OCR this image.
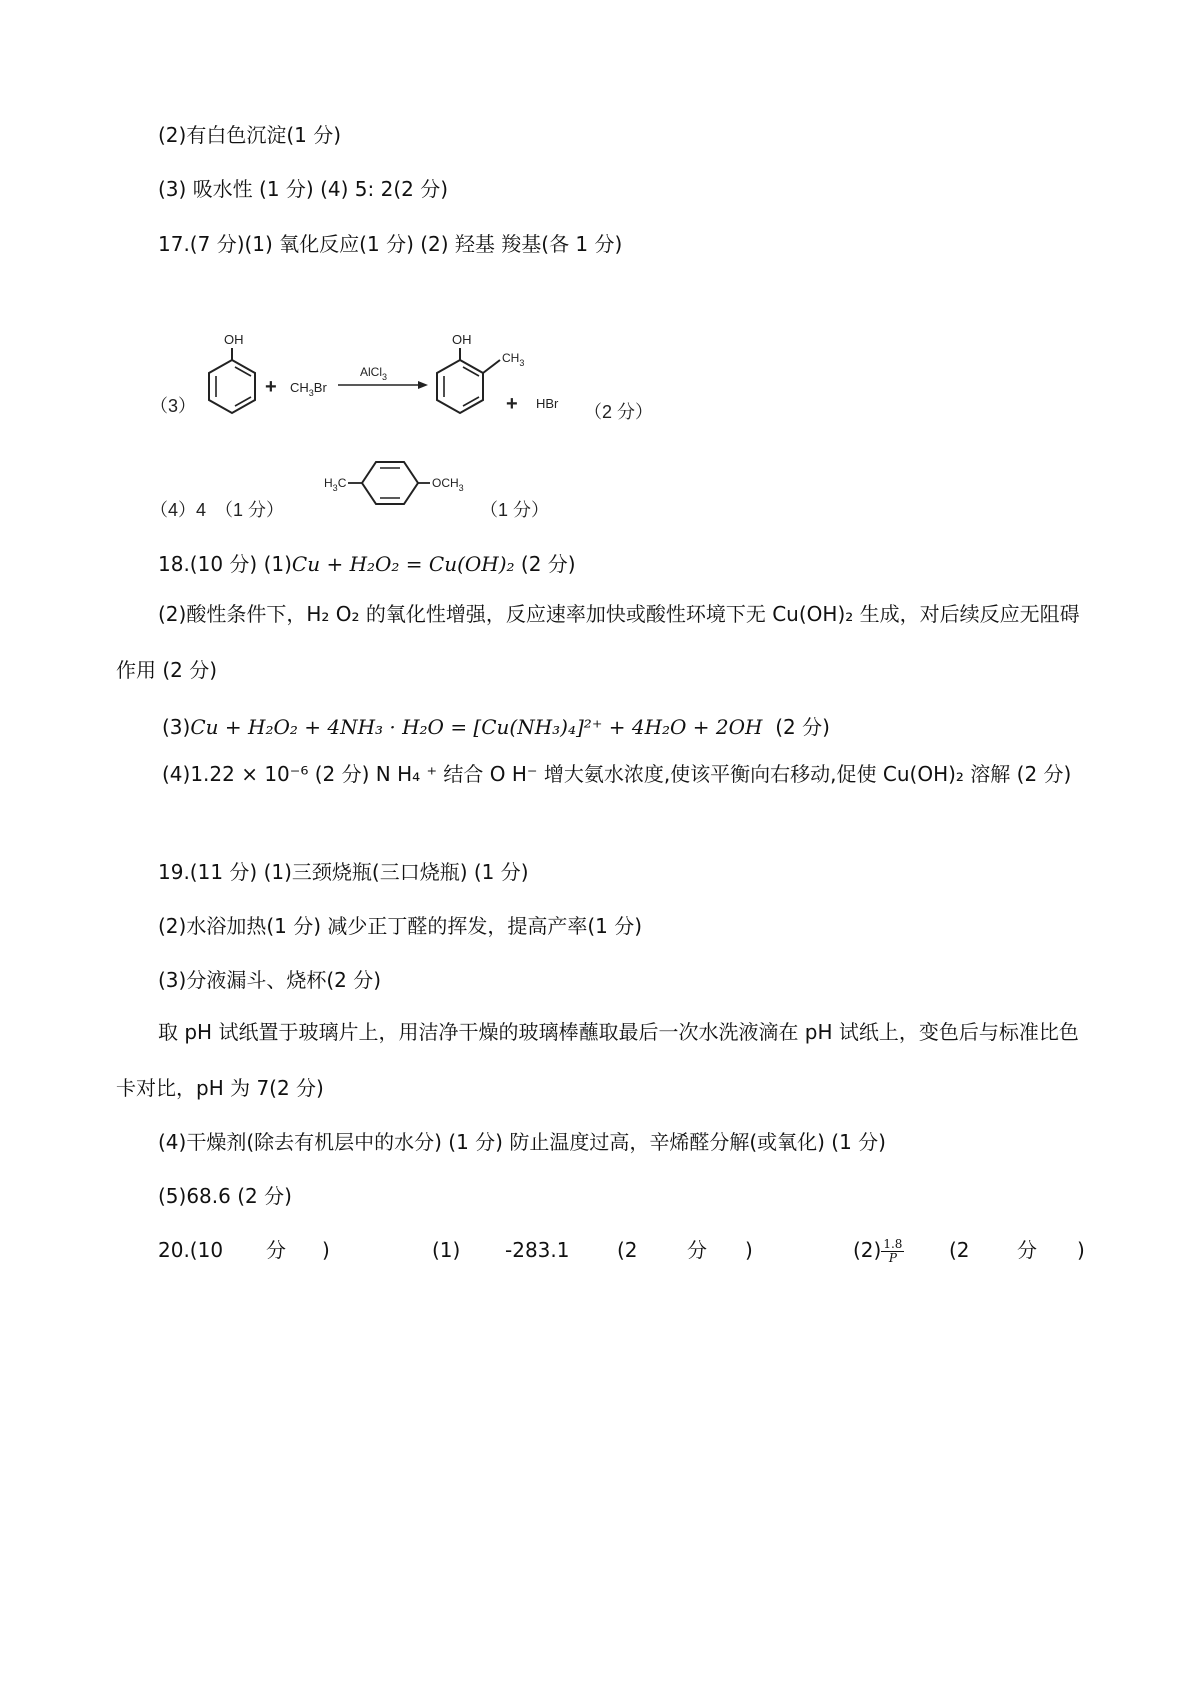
(2)有白色沉淀(1 分)
(3) 吸水性 (1 分) (4) 5: 2(2 分)
17.(7 分)(1) 氧化反应(1 分) (2) 羟基 羧基(各 1 分)
（3）
OH
+ $CH_3Br$
AlCl$_3$
OH
$CH_3$
+ HBr （2 分）
（4）4　（1 分）
$H_3C$	$OCH_3$
（1 分）
18.(10 分) (1)Cu + H₂O₂ = Cu(OH)₂ (2 分)
(2)酸性条件下，H₂ O₂ 的氧化性增强，反应速率加快或酸性环境下无 Cu(OH)₂ 生成，对后续反应无阻碍作用 (2 分)
(3)Cu + H₂O₂ + 4NH₃ · H₂O = [Cu(NH₃)₄]²⁺ + 4H₂O + 2OH (2 分)
(4)1.22 × 10⁻⁶ (2 分) N H₄ ⁺ 结合 O H⁻ 增大氨水浓度,使该平衡向右移动,促使 Cu(OH)₂ 溶解 (2 分)
19.(11 分) (1)三颈烧瓶(三口烧瓶) (1 分)
(2)水浴加热(1 分) 减少正丁醛的挥发，提高产率(1 分)
(3)分液漏斗、烧杯(2 分)
取 pH 试纸置于玻璃片上，用洁净干燥的玻璃棒蘸取最后一次水洗液滴在 pH 试纸上，变色后与标准比色卡对比，pH 为 7(2 分)
(4)干燥剂(除去有机层中的水分) (1 分) 防止温度过高，辛烯醛分解(或氧化) (1 分)
(5)68.6 (2 分)
20.(10 分 )	(1) -283.1 (2 分 )	$(2) \frac{1.8}{P} (2$ 分 )
